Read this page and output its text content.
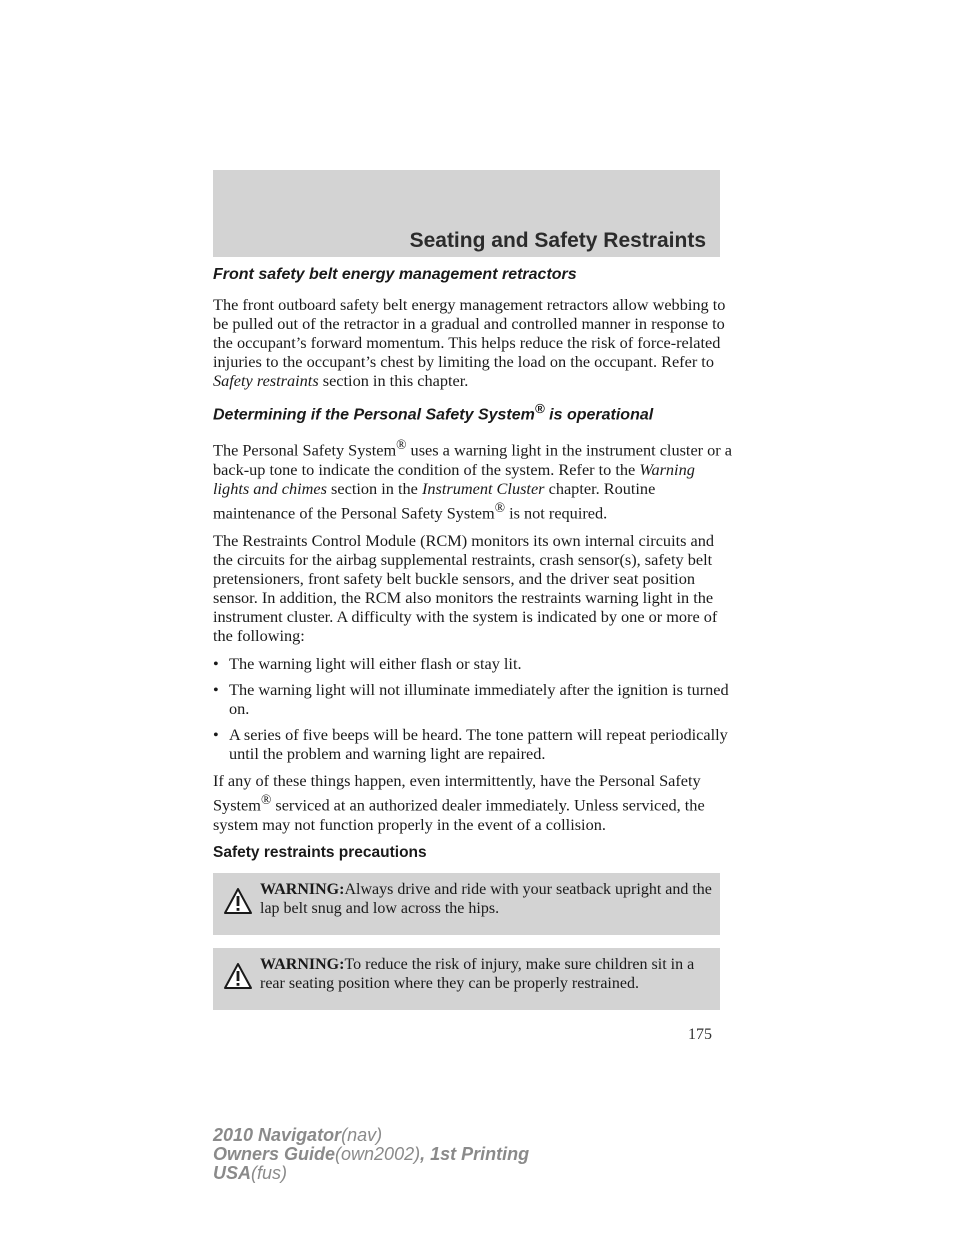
Seating and Safety Restraints
Front safety belt energy management retractors

The front outboard safety belt energy management retractors allow webbing to be pulled out of the retractor in a gradual and controlled manner in response to the occupant’s forward momentum. This helps reduce the risk of force-related injuries to the occupant’s chest by limiting the load on the occupant. Refer to Safety restraints section in this chapter.

Determining if the Personal Safety System® is operational

The Personal Safety System® uses a warning light in the instrument cluster or a back-up tone to indicate the condition of the system. Refer to the Warning lights and chimes section in the Instrument Cluster chapter. Routine maintenance of the Personal Safety System® is not required.

The Restraints Control Module (RCM) monitors its own internal circuits and the circuits for the airbag supplemental restraints, crash sensor(s), safety belt pretensioners, front safety belt buckle sensors, and the driver seat position sensor. In addition, the RCM also monitors the restraints warning light in the instrument cluster. A difficulty with the system is indicated by one or more of the following:

• The warning light will either flash or stay lit.
• The warning light will not illuminate immediately after the ignition is turned on.
• A series of five beeps will be heard. The tone pattern will repeat periodically until the problem and warning light are repaired.

If any of these things happen, even intermittently, have the Personal Safety System® serviced at an authorized dealer immediately. Unless serviced, the system may not function properly in the event of a collision.

Safety restraints precautions
WARNING:Always drive and ride with your seatback upright and the lap belt snug and low across the hips.
WARNING:To reduce the risk of injury, make sure children sit in a rear seating position where they can be properly restrained.
175
2010 Navigator(nav)
Owners Guide(own2002), 1st Printing
USA(fus)
